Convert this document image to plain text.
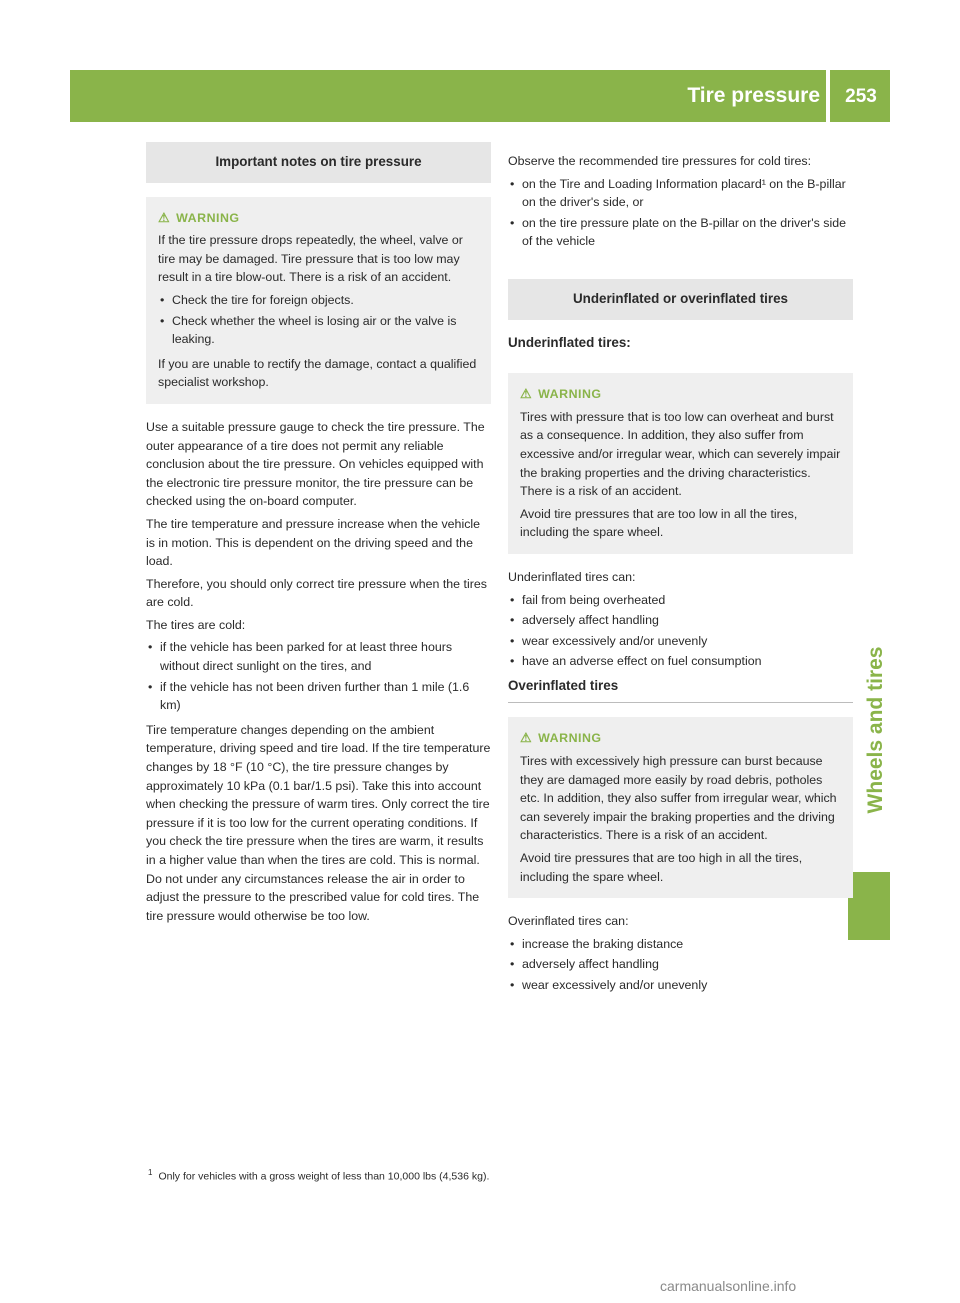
Tire pressure	253
Wheels and tires
Important notes on tire pressure
⚠ WARNING

If the tire pressure drops repeatedly, the wheel, valve or tire may be damaged. Tire pressure that is too low may result in a tire blow-out. There is a risk of an accident.

• Check the tire for foreign objects.
• Check whether the wheel is losing air or the valve is leaking.

If you are unable to rectify the damage, contact a qualified specialist workshop.

Use a suitable pressure gauge to check the tire pressure. The outer appearance of a tire does not permit any reliable conclusion about the tire pressure. On vehicles equipped with the electronic tire pressure monitor, the tire pressure can be checked using the on-board computer.

The tire temperature and pressure increase when the vehicle is in motion. This is dependent on the driving speed and the load.

Therefore, you should only correct tire pressure when the tires are cold.

The tires are cold:

• if the vehicle has been parked for at least three hours without direct sunlight on the tires, and
• if the vehicle has not been driven further than 1 mile (1.6 km)

Tire temperature changes depending on the ambient temperature, driving speed and tire load. If the tire temperature changes by 18 °F (10 °C), the tire pressure changes by approximately 10 kPa (0.1 bar/1.5 psi). Take this into account when checking the pressure of warm tires. Only correct the tire pressure if it is too low for the current operating conditions. If you check the tire pressure when the tires are warm, it results in a higher value than when the tires are cold. This is normal. Do not under any circumstances release the air in order to adjust the pressure to the prescribed value for cold tires. The tire pressure would otherwise be too low.

Observe the recommended tire pressures for cold tires:

• on the Tire and Loading Information placard¹ on the B-pillar on the driver's side, or
• on the tire pressure plate on the B-pillar on the driver's side of the vehicle
Underinflated or overinflated tires
Underinflated tires:
⚠ WARNING

Tires with pressure that is too low can overheat and burst as a consequence. In addition, they also suffer from excessive and/or irregular wear, which can severely impair the braking properties and the driving characteristics. There is a risk of an accident.

Avoid tire pressures that are too low in all the tires, including the spare wheel.

Underinflated tires can:

• fail from being overheated
• adversely affect handling
• wear excessively and/or unevenly
• have an adverse effect on fuel consumption
Overinflated tires
⚠ WARNING

Tires with excessively high pressure can burst because they are damaged more easily by road debris, potholes etc. In addition, they also suffer from irregular wear, which can severely impair the braking properties and the driving characteristics. There is a risk of an accident.

Avoid tire pressures that are too high in all the tires, including the spare wheel.

Overinflated tires can:

• increase the braking distance
• adversely affect handling
• wear excessively and/or unevenly
$^1$ Only for vehicles with a gross weight of less than 10,000 lbs (4,536 kg).
carmanualsonline.info
